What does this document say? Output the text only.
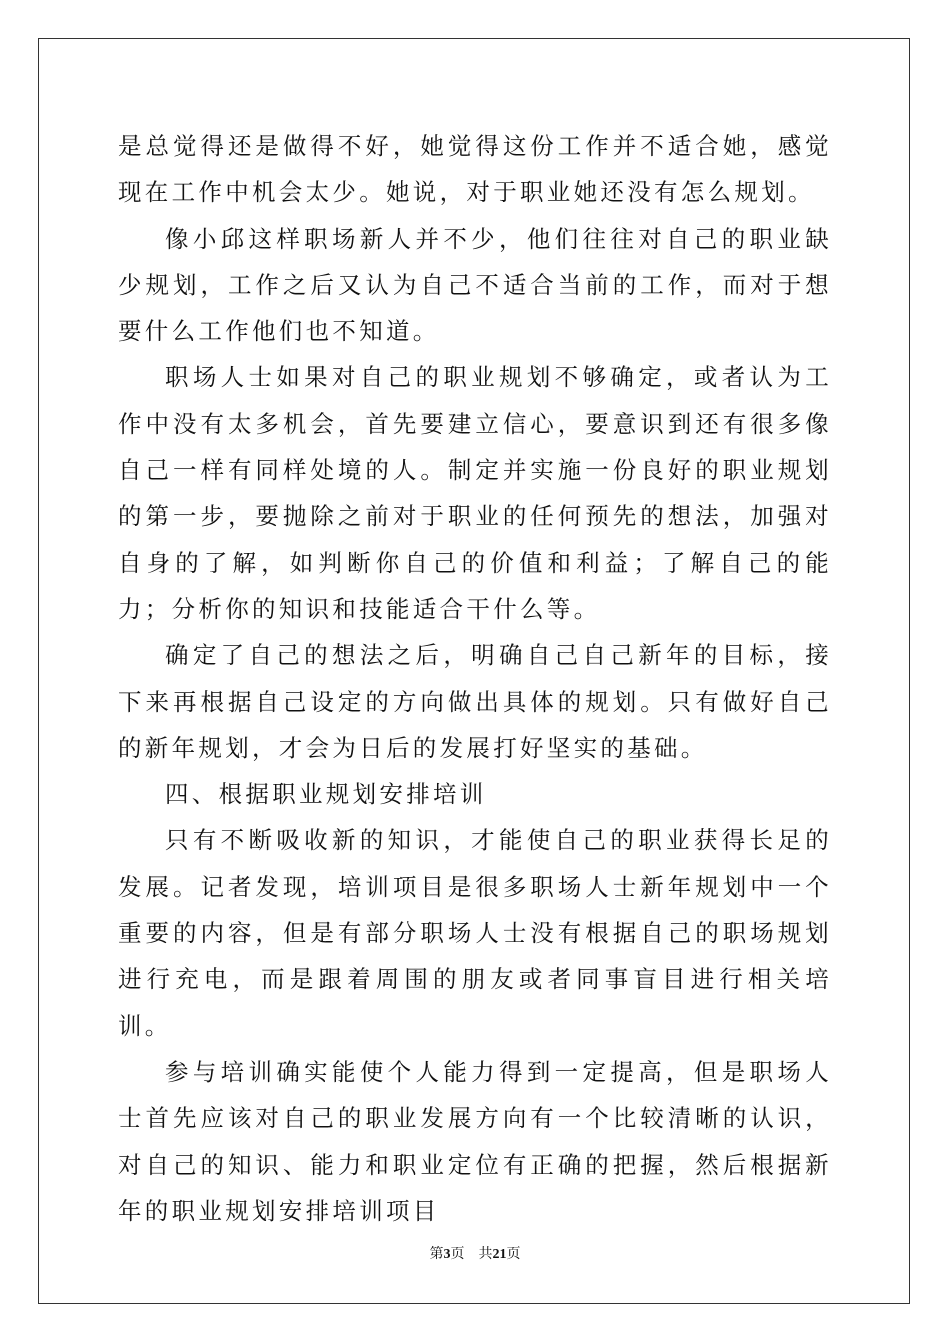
是总觉得还是做得不好，她觉得这份工作并不适合她，感觉现在工作中机会太少。她说，对于职业她还没有怎么规划。

像小邱这样职场新人并不少，他们往往对自己的职业缺少规划，工作之后又认为自己不适合当前的工作，而对于想要什么工作他们也不知道。

职场人士如果对自己的职业规划不够确定，或者认为工作中没有太多机会，首先要建立信心，要意识到还有很多像自己一样有同样处境的人。制定并实施一份良好的职业规划的第一步，要抛除之前对于职业的任何预先的想法，加强对自身的了解，如判断你自己的价值和利益；了解自己的能力；分析你的知识和技能适合干什么等。

确定了自己的想法之后，明确自己自己新年的目标，接下来再根据自己设定的方向做出具体的规划。只有做好自己的新年规划，才会为日后的发展打好坚实的基础。

四、根据职业规划安排培训

只有不断吸收新的知识，才能使自己的职业获得长足的发展。记者发现，培训项目是很多职场人士新年规划中一个重要的内容，但是有部分职场人士没有根据自己的职场规划进行充电，而是跟着周围的朋友或者同事盲目进行相关培训。

参与培训确实能使个人能力得到一定提高，但是职场人士首先应该对自己的职业发展方向有一个比较清晰的认识，对自己的知识、能力和职业定位有正确的把握，然后根据新年的职业规划安排培训项目

第3页 共21页
